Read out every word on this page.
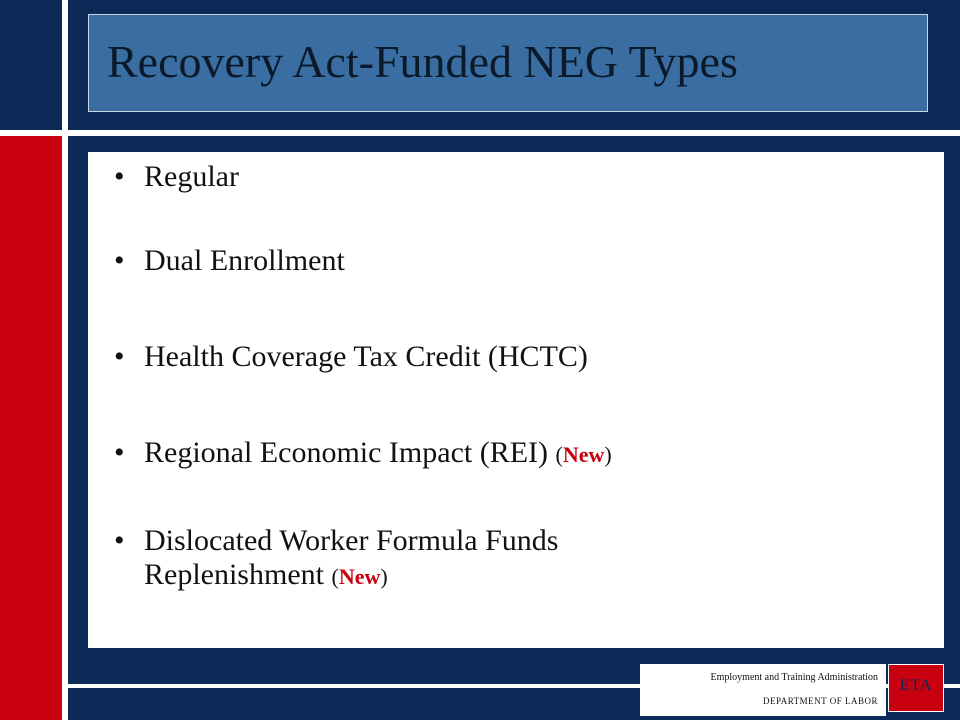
Recovery Act-Funded NEG Types
• Regular
• Dual Enrollment
• Health Coverage Tax Credit (HCTC)
• Regional Economic Impact (REI) (New)
• Dislocated Worker Formula Funds
Replenishment (New)
Employment and Training Administration
DEPARTMENT OF LABOR
ETA
